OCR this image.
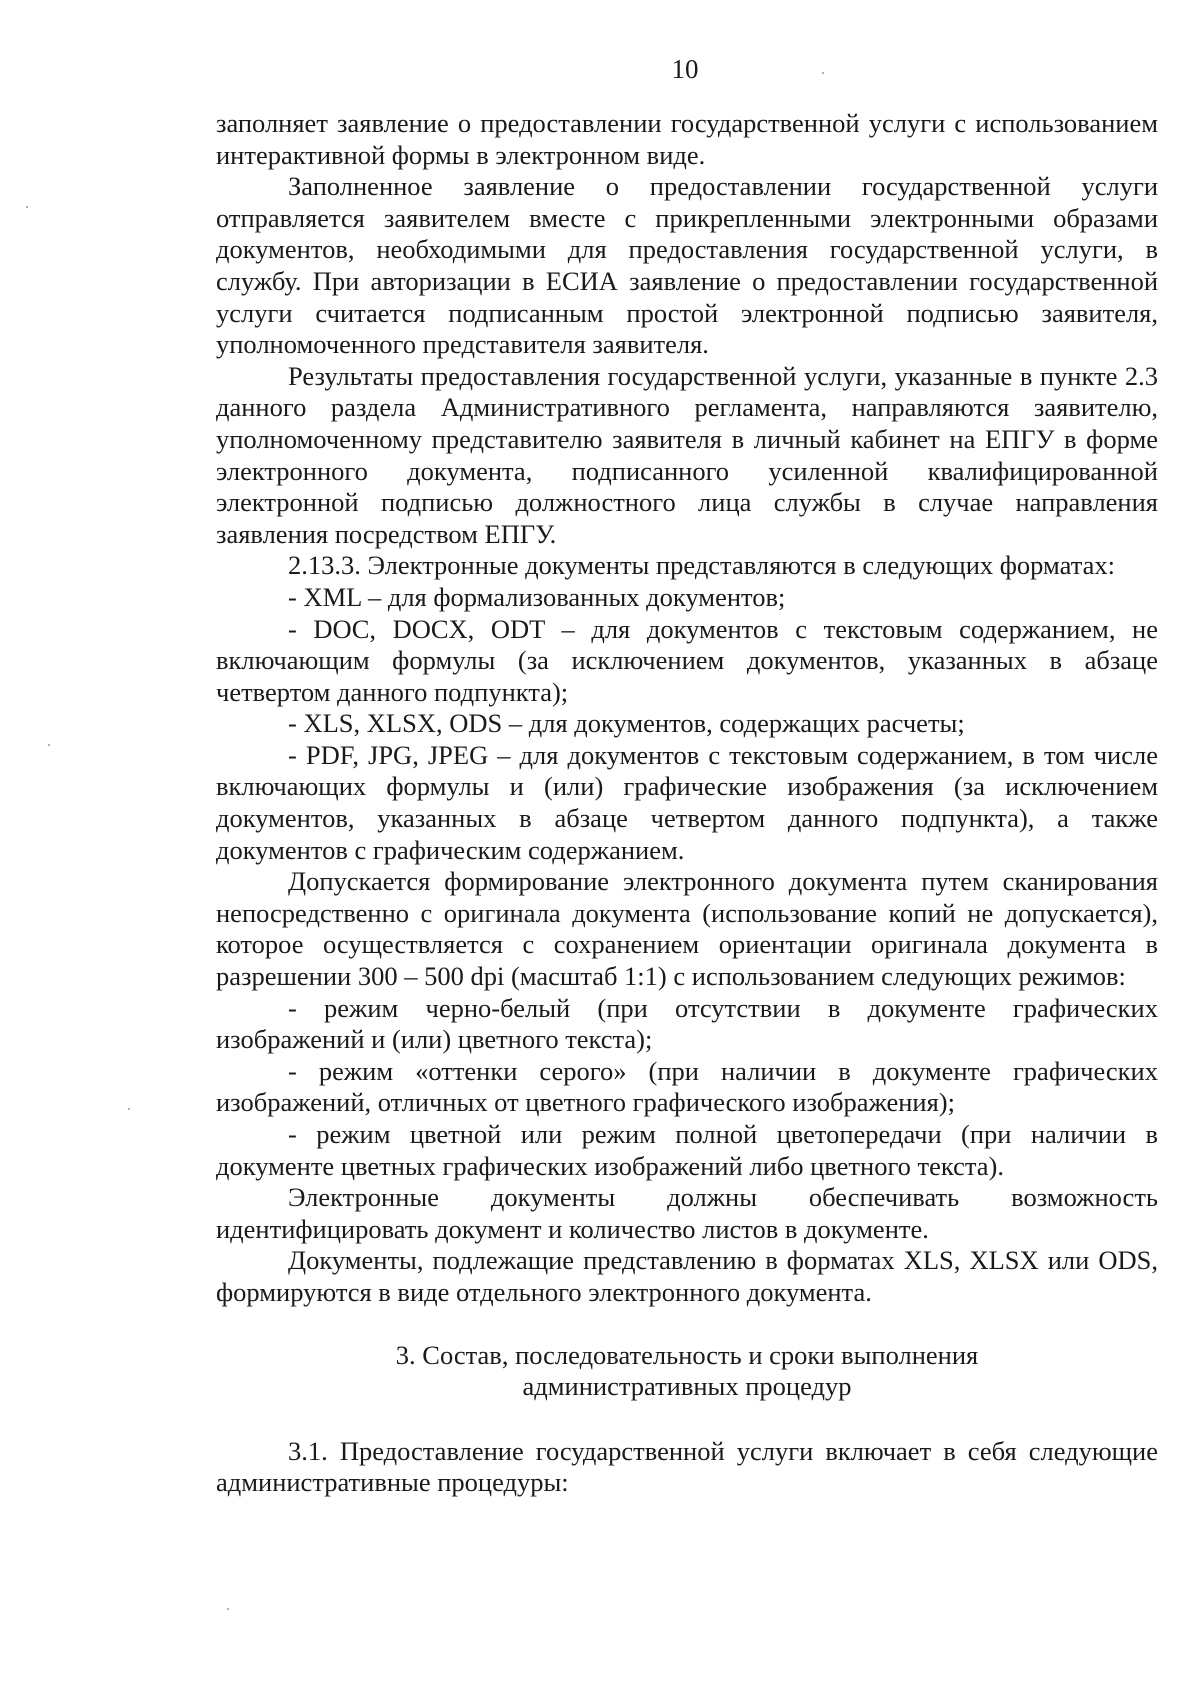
10

заполняет заявление о предоставлении государственной услуги с использованием интерактивной формы в электронном виде.

Заполненное заявление о предоставлении государственной услуги отправляется заявителем вместе с прикрепленными электронными образами документов, необходимыми для предоставления государственной услуги, в службу. При авторизации в ЕСИА заявление о предоставлении государственной услуги считается подписанным простой электронной подписью заявителя, уполномоченного представителя заявителя.

Результаты предоставления государственной услуги, указанные в пункте 2.3 данного раздела Административного регламента, направляются заявителю, уполномоченному представителю заявителя в личный кабинет на ЕПГУ в форме электронного документа, подписанного усиленной квалифицированной электронной подписью должностного лица службы в случае направления заявления посредством ЕПГУ.

2.13.3. Электронные документы представляются в следующих форматах:

- XML – для формализованных документов;

- DOC, DOCX, ODT – для документов с текстовым содержанием, не включающим формулы (за исключением документов, указанных в абзаце четвертом данного подпункта);

- XLS, XLSX, ODS – для документов, содержащих расчеты;

- PDF, JPG, JPEG – для документов с текстовым содержанием, в том числе включающих формулы и (или) графические изображения (за исключением документов, указанных в абзаце четвертом данного подпункта), а также документов с графическим содержанием.

Допускается формирование электронного документа путем сканирования непосредственно с оригинала документа (использование копий не допускается), которое осуществляется с сохранением ориентации оригинала документа в разрешении 300 – 500 dpi (масштаб 1:1) с использованием следующих режимов:

- режим черно-белый (при отсутствии в документе графических изображений и (или) цветного текста);

- режим «оттенки серого» (при наличии в документе графических изображений, отличных от цветного графического изображения);

- режим цветной или режим полной цветопередачи (при наличии в документе цветных графических изображений либо цветного текста).

Электронные документы должны обеспечивать возможность идентифицировать документ и количество листов в документе.

Документы, подлежащие представлению в форматах XLS, XLSX или ODS, формируются в виде отдельного электронного документа.

3. Состав, последовательность и сроки выполнения
административных процедур

3.1. Предоставление государственной услуги включает в себя следующие административные процедуры:
